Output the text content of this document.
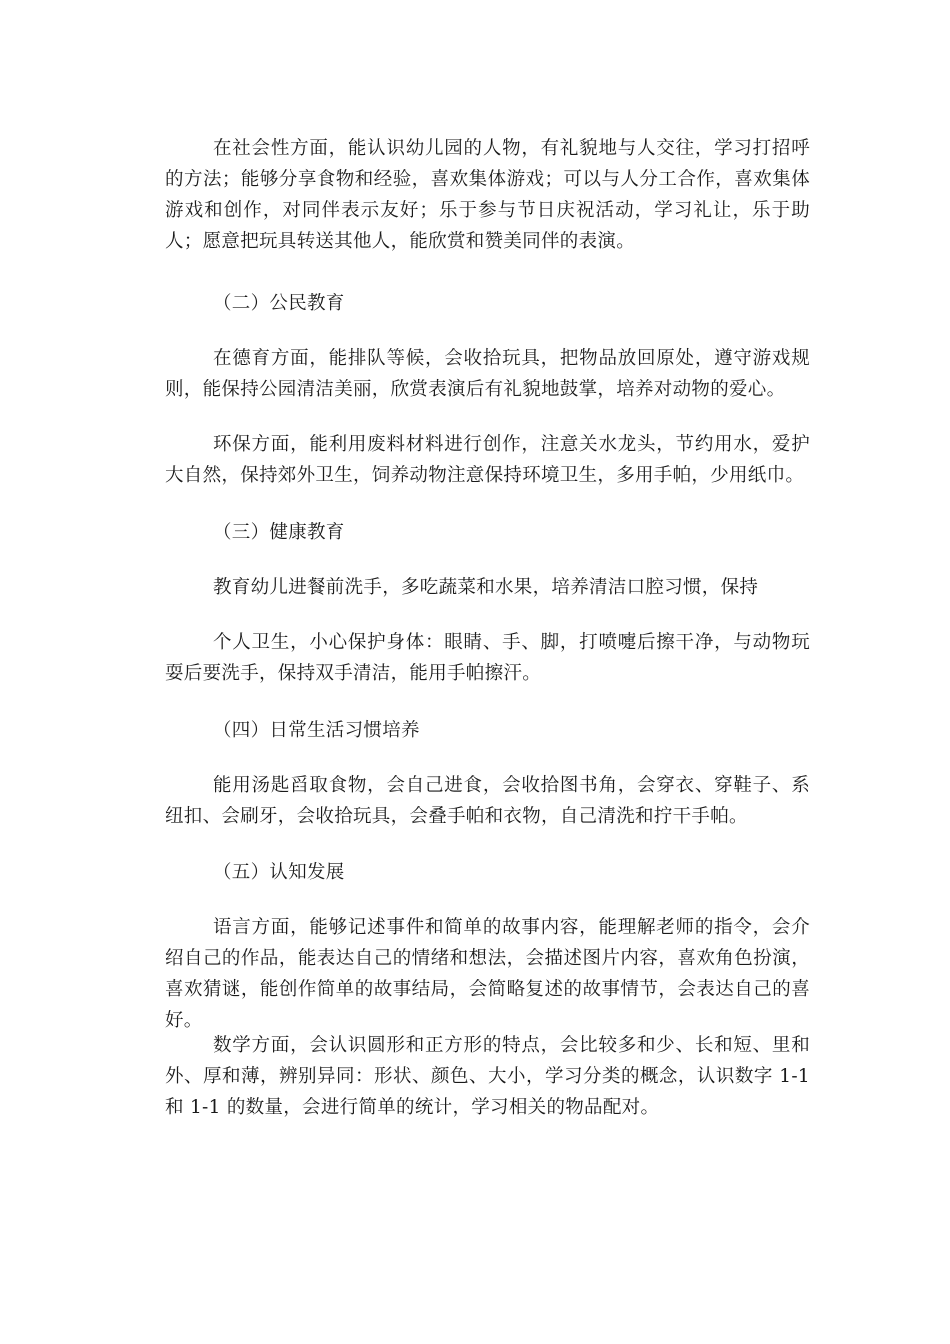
在社会性方面，能认识幼儿园的人物，有礼貌地与人交往，学习打招呼的方法；能够分享食物和经验，喜欢集体游戏；可以与人分工合作，喜欢集体游戏和创作，对同伴表示友好；乐于参与节日庆祝活动，学习礼让，乐于助人；愿意把玩具转送其他人，能欣赏和赞美同伴的表演。

（二）公民教育

在德育方面，能排队等候，会收拾玩具，把物品放回原处，遵守游戏规则，能保持公园清洁美丽，欣赏表演后有礼貌地鼓掌，培养对动物的爱心。

环保方面，能利用废料材料进行创作，注意关水龙头，节约用水，爱护大自然，保持郊外卫生，饲养动物注意保持环境卫生，多用手帕，少用纸巾。

（三）健康教育

教育幼儿进餐前洗手，多吃蔬菜和水果，培养清洁口腔习惯，保持

个人卫生，小心保护身体：眼睛、手、脚，打喷嚏后擦干净，与动物玩耍后要洗手，保持双手清洁，能用手帕擦汗。

（四）日常生活习惯培养

能用汤匙舀取食物，会自己进食，会收拾图书角，会穿衣、穿鞋子、系纽扣、会刷牙，会收拾玩具，会叠手帕和衣物，自己清洗和拧干手帕。

（五）认知发展

语言方面，能够记述事件和简单的故事内容，能理解老师的指令，会介绍自己的作品，能表达自己的情绪和想法，会描述图片内容，喜欢角色扮演，喜欢猜谜，能创作简单的故事结局，会简略复述的故事情节，会表达自己的喜好。

数学方面，会认识圆形和正方形的特点，会比较多和少、长和短、里和外、厚和薄，辨别异同：形状、颜色、大小，学习分类的概念，认识数字 1-1 和 1-1 的数量，会进行简单的统计，学习相关的物品配对。
